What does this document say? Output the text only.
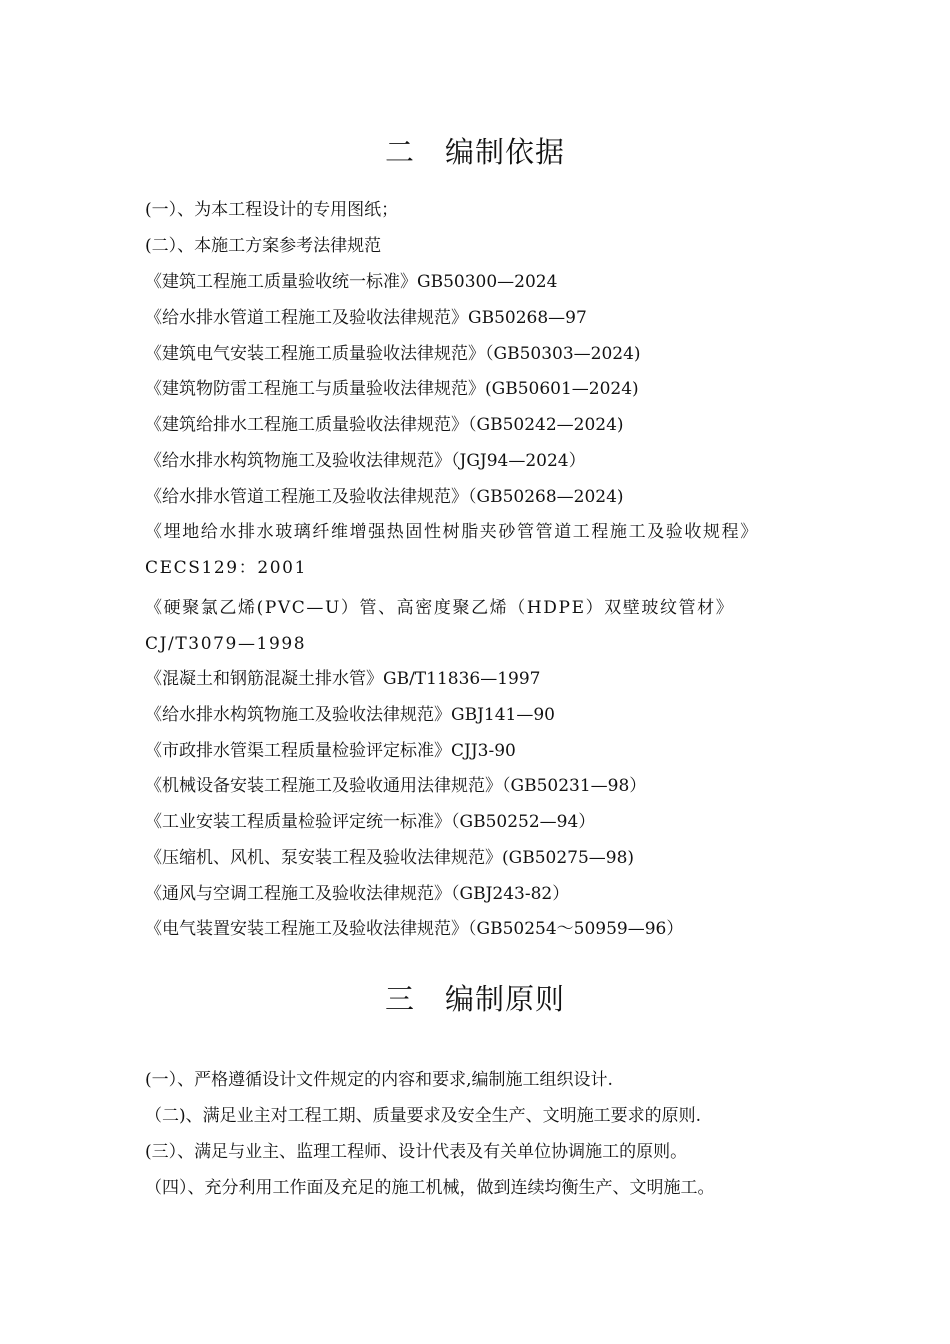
二　编制依据
(一）、为本工程设计的专用图纸；
(二）、本施工方案参考法律规范
《建筑工程施工质量验收统一标准》GB50300—2024
《给水排水管道工程施工及验收法律规范》GB50268—97
《建筑电气安装工程施工质量验收法律规范》（GB50303—2024)
《建筑物防雷工程施工与质量验收法律规范》(GB50601—2024)
《建筑给排水工程施工质量验收法律规范》（GB50242—2024)
《给水排水构筑物施工及验收法律规范》（JGJ94—2024）
《给水排水管道工程施工及验收法律规范》（GB50268—2024)
《埋地给水排水玻璃纤维增强热固性树脂夹砂管管道工程施工及验收规程》CECS129：2001
《硬聚氯乙烯(PVC—U）管、高密度聚乙烯（HDPE）双壁玻纹管材》CJ/T3079—1998
《混凝土和钢筋混凝土排水管》GB/T11836—1997
《给水排水构筑物施工及验收法律规范》GBJ141—90
《市政排水管渠工程质量检验评定标准》CJJ3-90
《机械设备安装工程施工及验收通用法律规范》（GB50231—98）
《工业安装工程质量检验评定统一标准》（GB50252—94）
《压缩机、风机、泵安装工程及验收法律规范》(GB50275—98)
《通风与空调工程施工及验收法律规范》（GBJ243-82）
《电气装置安装工程施工及验收法律规范》（GB50254～50959—96）
三　编制原则
(一）、严格遵循设计文件规定的内容和要求,编制施工组织设计.
（二)、满足业主对工程工期、质量要求及安全生产、文明施工要求的原则.
(三）、满足与业主、监理工程师、设计代表及有关单位协调施工的原则。
（四）、充分利用工作面及充足的施工机械，做到连续均衡生产、文明施工。
